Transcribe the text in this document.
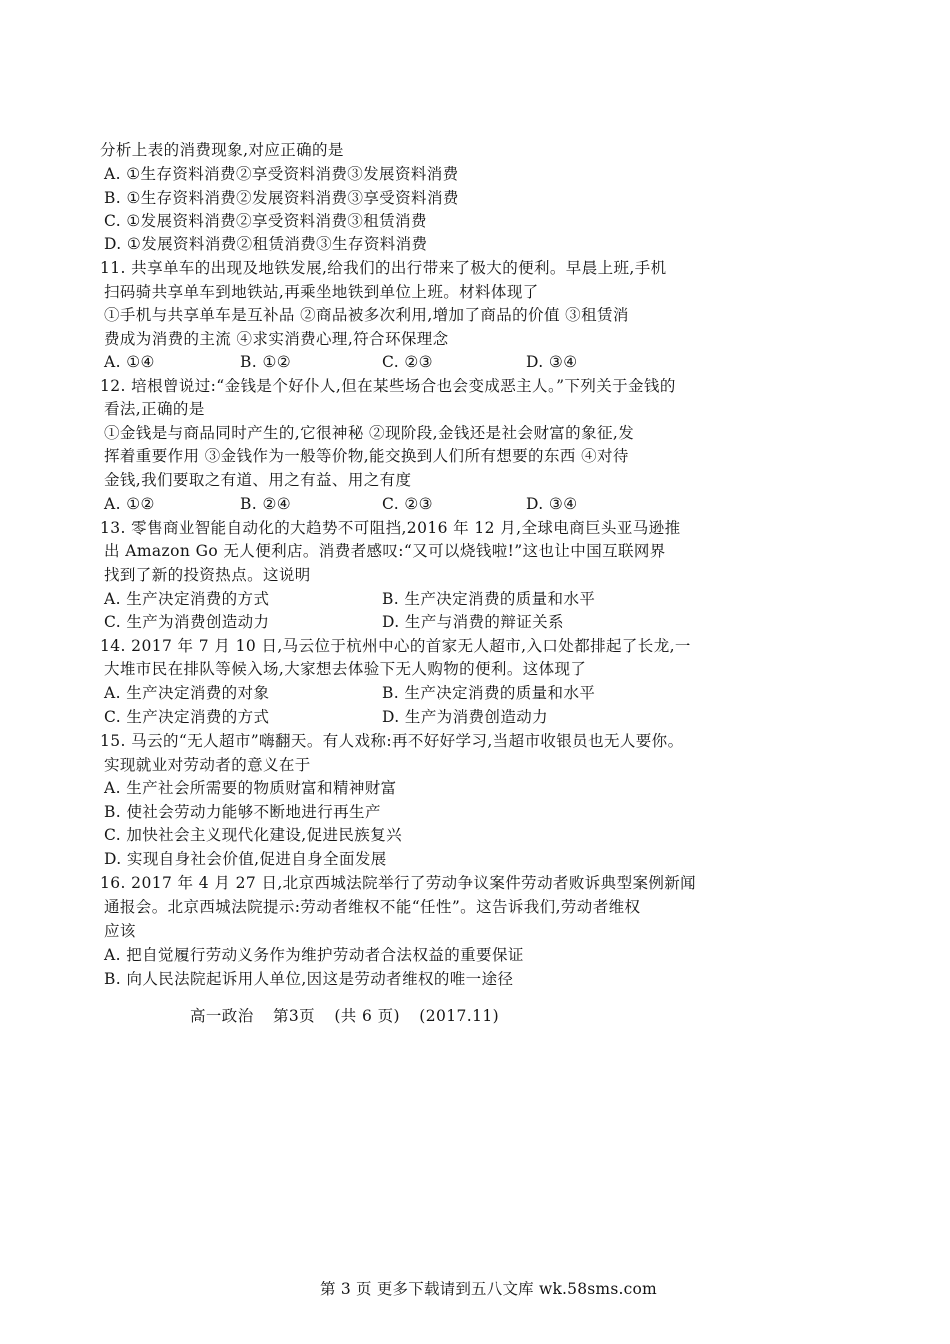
分析上表的消费现象,对应正确的是
A. ①生存资料消费②享受资料消费③发展资料消费
B. ①生存资料消费②发展资料消费③享受资料消费
C. ①发展资料消费②享受资料消费③租赁消费
D. ①发展资料消费②租赁消费③生存资料消费
11. 共享单车的出现及地铁发展,给我们的出行带来了极大的便利。早晨上班,手机
扫码骑共享单车到地铁站,再乘坐地铁到单位上班。材料体现了
①手机与共享单车是互补品 ②商品被多次利用,增加了商品的价值 ③租赁消
费成为消费的主流 ④求实消费心理,符合环保理念
A. ①④	B. ①②	C. ②③	D. ③④
12. 培根曾说过:“金钱是个好仆人,但在某些场合也会变成恶主人。”下列关于金钱的
看法,正确的是
①金钱是与商品同时产生的,它很神秘 ②现阶段,金钱还是社会财富的象征,发
挥着重要作用 ③金钱作为一般等价物,能交换到人们所有想要的东西 ④对待
金钱,我们要取之有道、用之有益、用之有度
A. ①②	B. ②④	C. ②③	D. ③④
13. 零售商业智能自动化的大趋势不可阻挡,2016 年 12 月,全球电商巨头亚马逊推
出 Amazon Go 无人便利店。消费者感叹:“又可以烧钱啦!”这也让中国互联网界
找到了新的投资热点。这说明
A. 生产决定消费的方式	B. 生产决定消费的质量和水平
C. 生产为消费创造动力	D. 生产与消费的辩证关系
14. 2017 年 7 月 10 日,马云位于杭州中心的首家无人超市,入口处都排起了长龙,一
大堆市民在排队等候入场,大家想去体验下无人购物的便利。这体现了
A. 生产决定消费的对象	B. 生产决定消费的质量和水平
C. 生产决定消费的方式	D. 生产为消费创造动力
15. 马云的“无人超市”嗨翻天。有人戏称:再不好好学习,当超市收银员也无人要你。
实现就业对劳动者的意义在于
A. 生产社会所需要的物质财富和精神财富
B. 使社会劳动力能够不断地进行再生产
C. 加快社会主义现代化建设,促进民族复兴
D. 实现自身社会价值,促进自身全面发展
16. 2017 年 4 月 27 日,北京西城法院举行了劳动争议案件劳动者败诉典型案例新闻
通报会。北京西城法院提示:劳动者维权不能“任性”。这告诉我们,劳动者维权
应该
A. 把自觉履行劳动义务作为维护劳动者合法权益的重要保证
B. 向人民法院起诉用人单位,因这是劳动者维权的唯一途径
高一政治 第3页 (共 6 页) (2017.11)
第 3 页 更多下载请到五八文库 wk.58sms.com
